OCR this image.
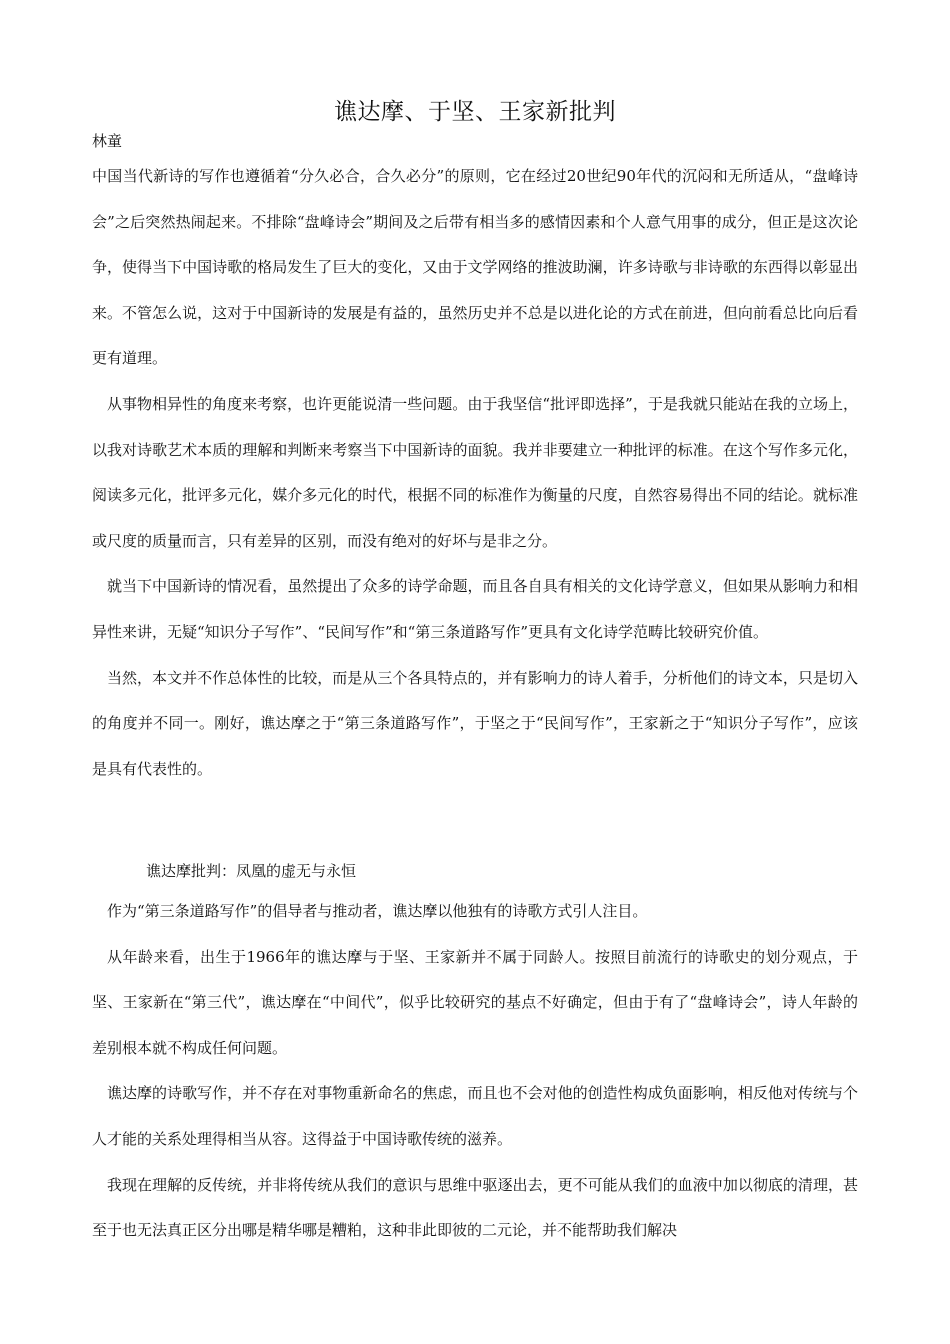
谯达摩、于坚、王家新批判
林童

中国当代新诗的写作也遵循着“分久必合，合久必分”的原则，它在经过20世纪90年代的沉闷和无所适从，“盘峰诗会”之后突然热闹起来。不排除“盘峰诗会”期间及之后带有相当多的感情因素和个人意气用事的成分，但正是这次论争，使得当下中国诗歌的格局发生了巨大的变化，又由于文学网络的推波助澜，许多诗歌与非诗歌的东西得以彰显出来。不管怎么说，这对于中国新诗的发展是有益的，虽然历史并不总是以进化论的方式在前进，但向前看总比向后看更有道理。

从事物相异性的角度来考察，也许更能说清一些问题。由于我坚信“批评即选择”，于是我就只能站在我的立场上，以我对诗歌艺术本质的理解和判断来考察当下中国新诗的面貌。我并非要建立一种批评的标准。在这个写作多元化，阅读多元化，批评多元化，媒介多元化的时代，根据不同的标准作为衡量的尺度，自然容易得出不同的结论。就标准或尺度的质量而言，只有差异的区别，而没有绝对的好坏与是非之分。

就当下中国新诗的情况看，虽然提出了众多的诗学命题，而且各自具有相关的文化诗学意义，但如果从影响力和相异性来讲，无疑“知识分子写作”、“民间写作”和“第三条道路写作”更具有文化诗学范畴比较研究价值。

当然，本文并不作总体性的比较，而是从三个各具特点的，并有影响力的诗人着手，分析他们的诗文本，只是切入的角度并不同一。刚好，谯达摩之于“第三条道路写作”，于坚之于“民间写作”，王家新之于“知识分子写作”，应该是具有代表性的。

谯达摩批判：凤凰的虚无与永恒

作为“第三条道路写作”的倡导者与推动者，谯达摩以他独有的诗歌方式引人注目。

从年龄来看，出生于1966年的谯达摩与于坚、王家新并不属于同龄人。按照目前流行的诗歌史的划分观点，于坚、王家新在“第三代”，谯达摩在“中间代”，似乎比较研究的基点不好确定，但由于有了“盘峰诗会”，诗人年龄的差别根本就不构成任何问题。

谯达摩的诗歌写作，并不存在对事物重新命名的焦虑，而且也不会对他的创造性构成负面影响，相反他对传统与个人才能的关系处理得相当从容。这得益于中国诗歌传统的滋养。

我现在理解的反传统，并非将传统从我们的意识与思维中驱逐出去，更不可能从我们的血液中加以彻底的清理，甚至于也无法真正区分出哪是精华哪是糟粕，这种非此即彼的二元论，并不能帮助我们解决
